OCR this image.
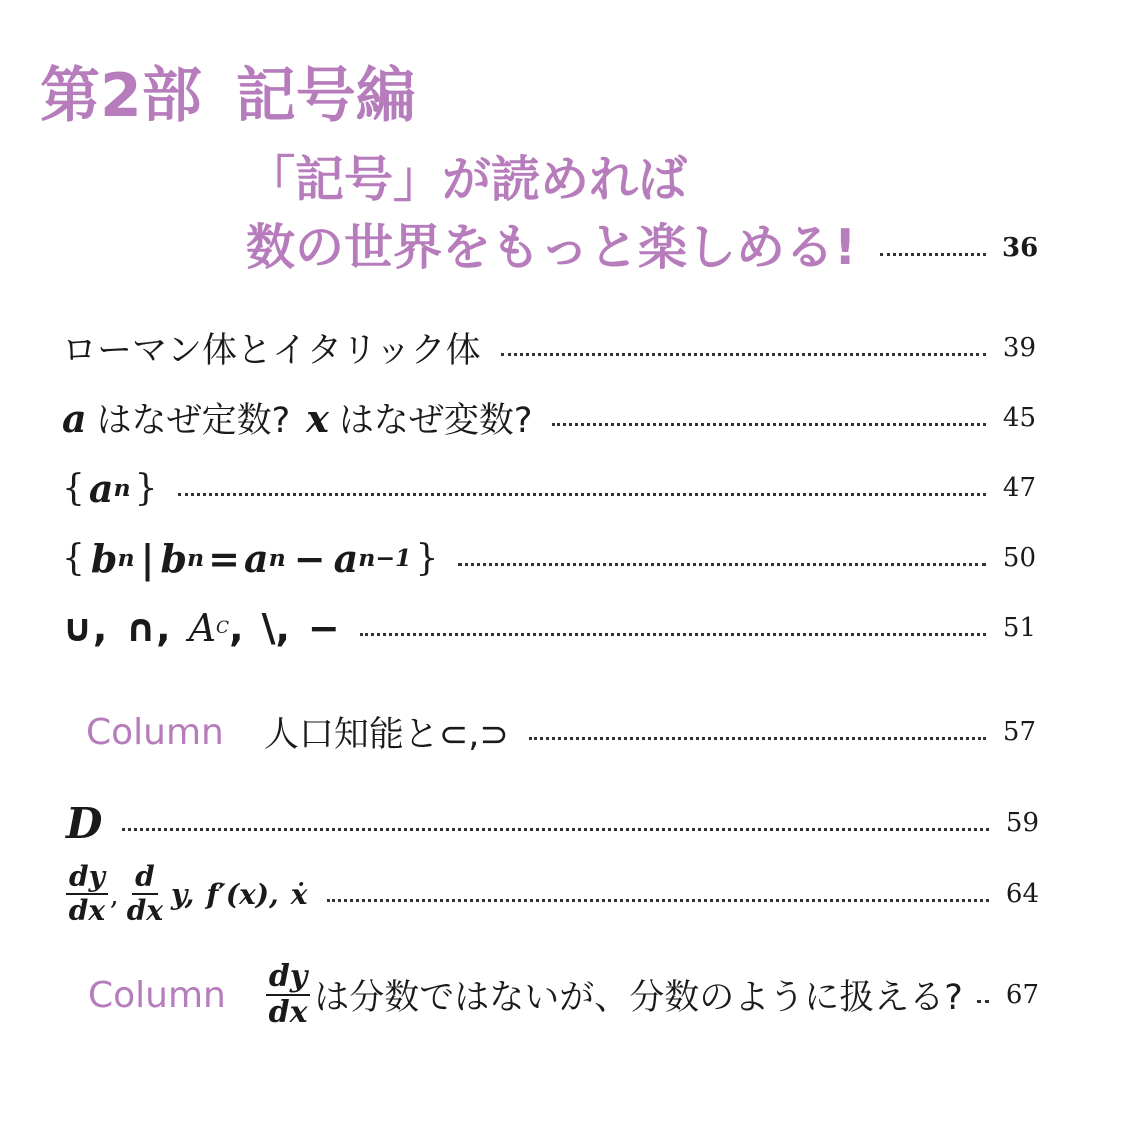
第2部 記号編
「記号」が読めれば
数の世界をもっと楽しめる!	36
ローマン体とイタリック体	39
a はなぜ定数? x はなぜ変数?	45
{ a n }	47
{ b n | b n = a n − a n−1 }	50
∪, ∩, A C , \, −	51
Column 人口知能と⊂,⊃	57
D	59
$\frac{dy}{dx}$ , $\frac{d}{dx} y$, f′(x), ẋ	64
Column $\frac{dy}{dx}$ は分数ではないが、分数のように扱える? 67
